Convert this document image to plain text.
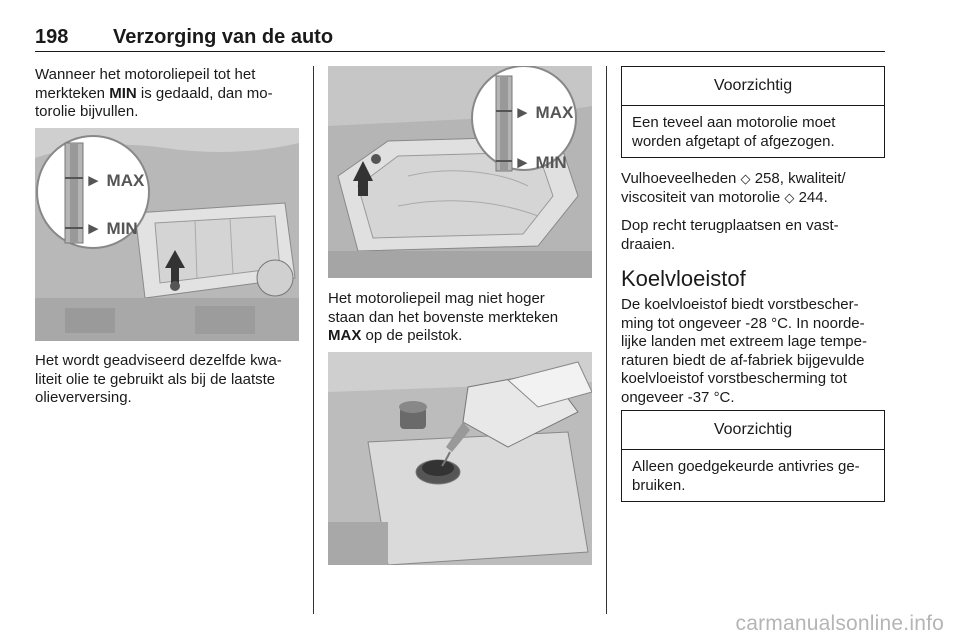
198 Verzorging van de auto

Wanneer het motoroliepeil tot het
merkteken MIN is gedaald, dan mo-
torolie bijvullen.

► MAX
► MIN

Het wordt geadviseerd dezelfde kwa-
liteit olie te gebruikt als bij de laatste
olieverversing.

► MAX
► MIN

Het motoroliepeil mag niet hoger
staan dan het bovenste merkteken
MAX op de peilstok.

Voorzichtig
Een teveel aan motorolie moet
worden afgetapt of afgezogen.

Vulhoeveelheden ◇ 258, kwaliteit/
viscositeit van motorolie ◇ 244.

Dop recht terugplaatsen en vast-
draaien.

Koelvloeistof

De koelvloeistof biedt vorstbescher-
ming tot ongeveer -28 °C. In noorde-
lijke landen met extreem lage tempe-
raturen biedt de af-fabriek bijgevulde
koelvloeistof vorstbescherming tot
ongeveer -37 °C.

Voorzichtig
Alleen goedgekeurde antivries ge-
bruiken.
carmanualsonline.info
